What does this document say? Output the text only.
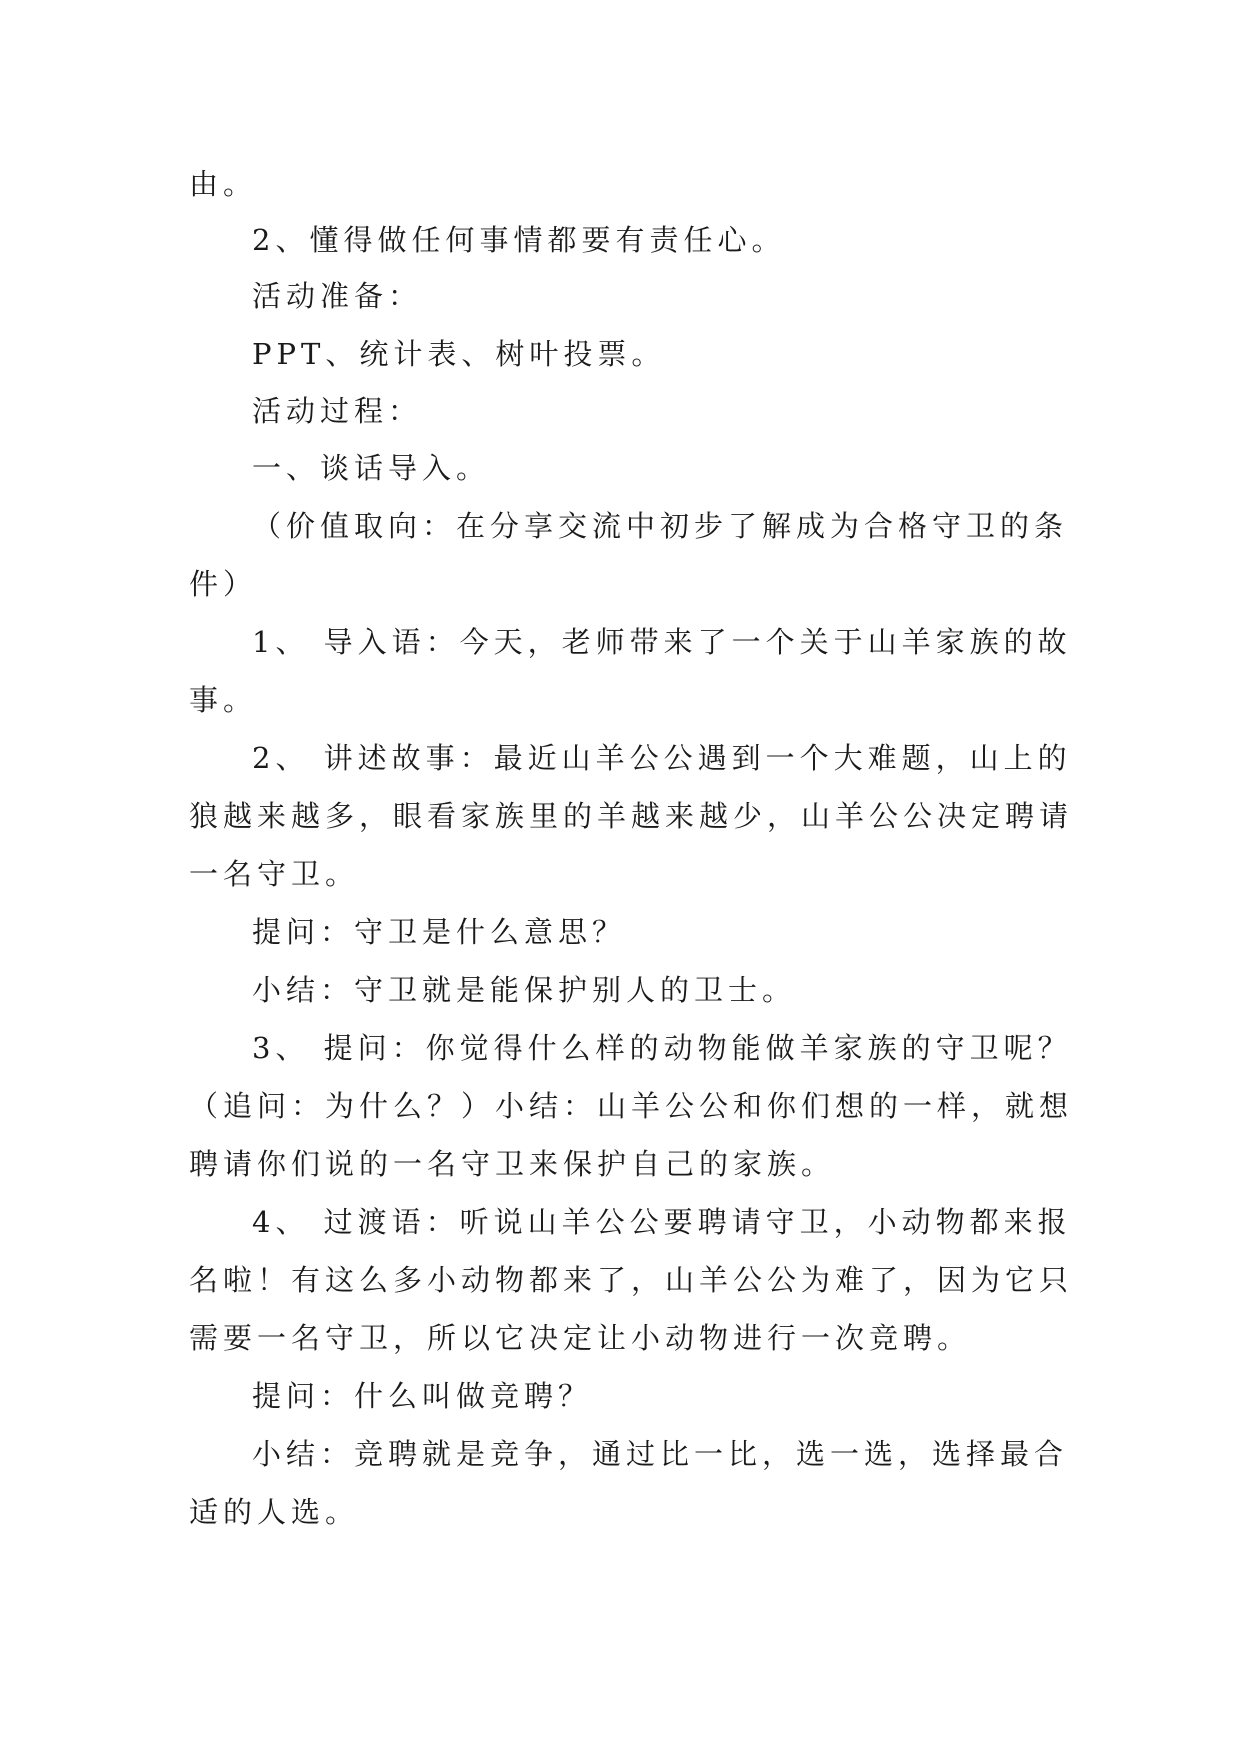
由。
2、懂得做任何事情都要有责任心。
活动准备：
PPT、统计表、树叶投票。
活动过程：
一、谈话导入。
（价值取向：在分享交流中初步了解成为合格守卫的条
件）
1、 导入语：今天，老师带来了一个关于山羊家族的故
事。
2、 讲述故事：最近山羊公公遇到一个大难题，山上的
狼越来越多，眼看家族里的羊越来越少，山羊公公决定聘请
一名守卫。
提问：守卫是什么意思？
小结：守卫就是能保护别人的卫士。
3、 提问：你觉得什么样的动物能做羊家族的守卫呢？
（追问：为什么？）小结：山羊公公和你们想的一样，就想
聘请你们说的一名守卫来保护自己的家族。
4、 过渡语：听说山羊公公要聘请守卫，小动物都来报
名啦！有这么多小动物都来了，山羊公公为难了，因为它只
需要一名守卫，所以它决定让小动物进行一次竞聘。
提问：什么叫做竞聘？
小结：竞聘就是竞争，通过比一比，选一选，选择最合
适的人选。
